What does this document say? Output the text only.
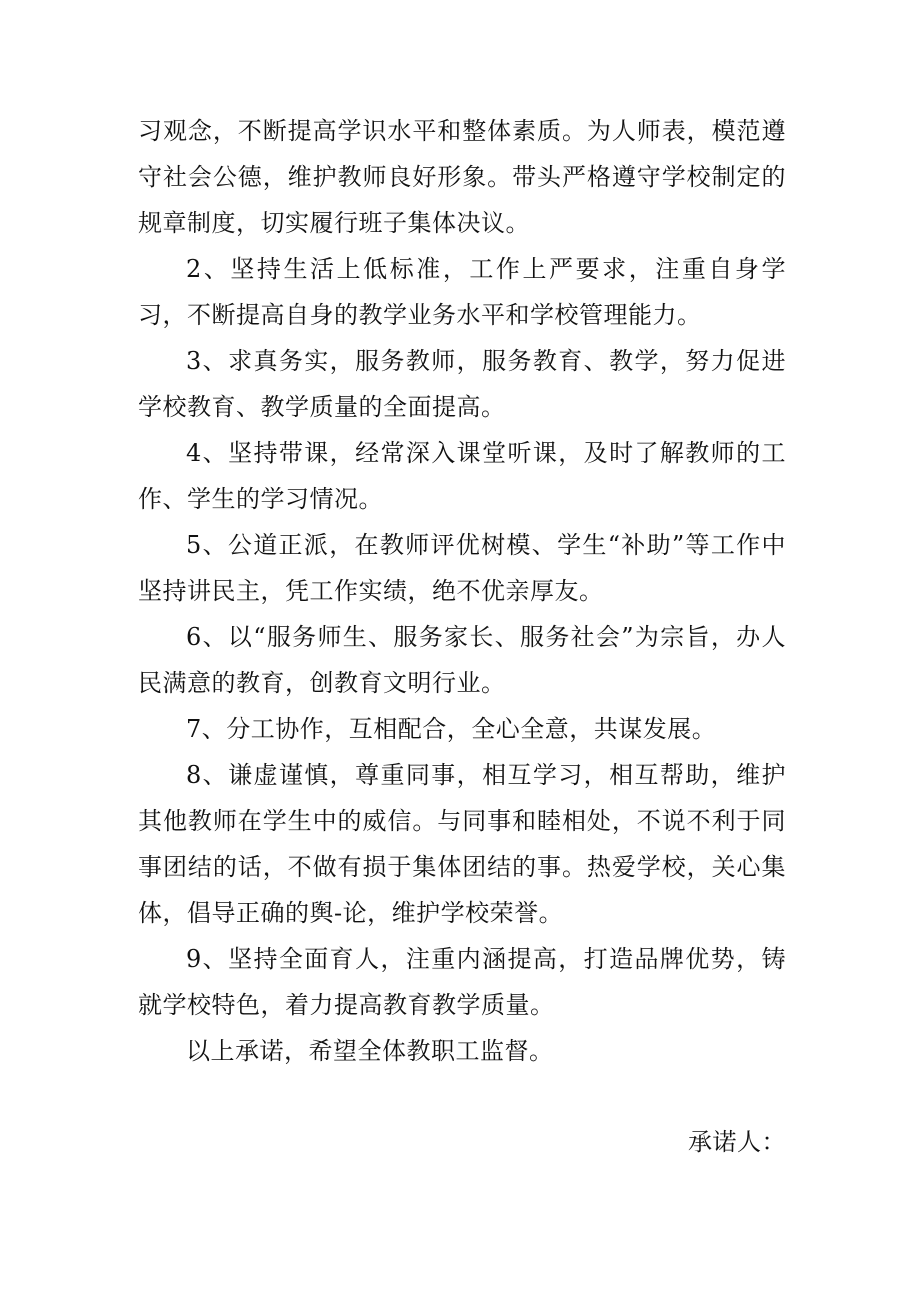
习观念，不断提高学识水平和整体素质。为人师表，模范遵守社会公德，维护教师良好形象。带头严格遵守学校制定的规章制度，切实履行班子集体决议。

2、坚持生活上低标准，工作上严要求，注重自身学习，不断提高自身的教学业务水平和学校管理能力。

3、求真务实，服务教师，服务教育、教学，努力促进学校教育、教学质量的全面提高。

4、坚持带课，经常深入课堂听课，及时了解教师的工作、学生的学习情况。

5、公道正派，在教师评优树模、学生“补助”等工作中坚持讲民主，凭工作实绩，绝不优亲厚友。

6、以“服务师生、服务家长、服务社会”为宗旨，办人民满意的教育，创教育文明行业。

7、分工协作，互相配合，全心全意，共谋发展。

8、谦虚谨慎，尊重同事，相互学习，相互帮助，维护其他教师在学生中的威信。与同事和睦相处，不说不利于同事团结的话，不做有损于集体团结的事。热爱学校，关心集体，倡导正确的舆-论，维护学校荣誉。

9、坚持全面育人，注重内涵提高，打造品牌优势，铸就学校特色，着力提高教育教学质量。

以上承诺，希望全体教职工监督。

承诺人：
